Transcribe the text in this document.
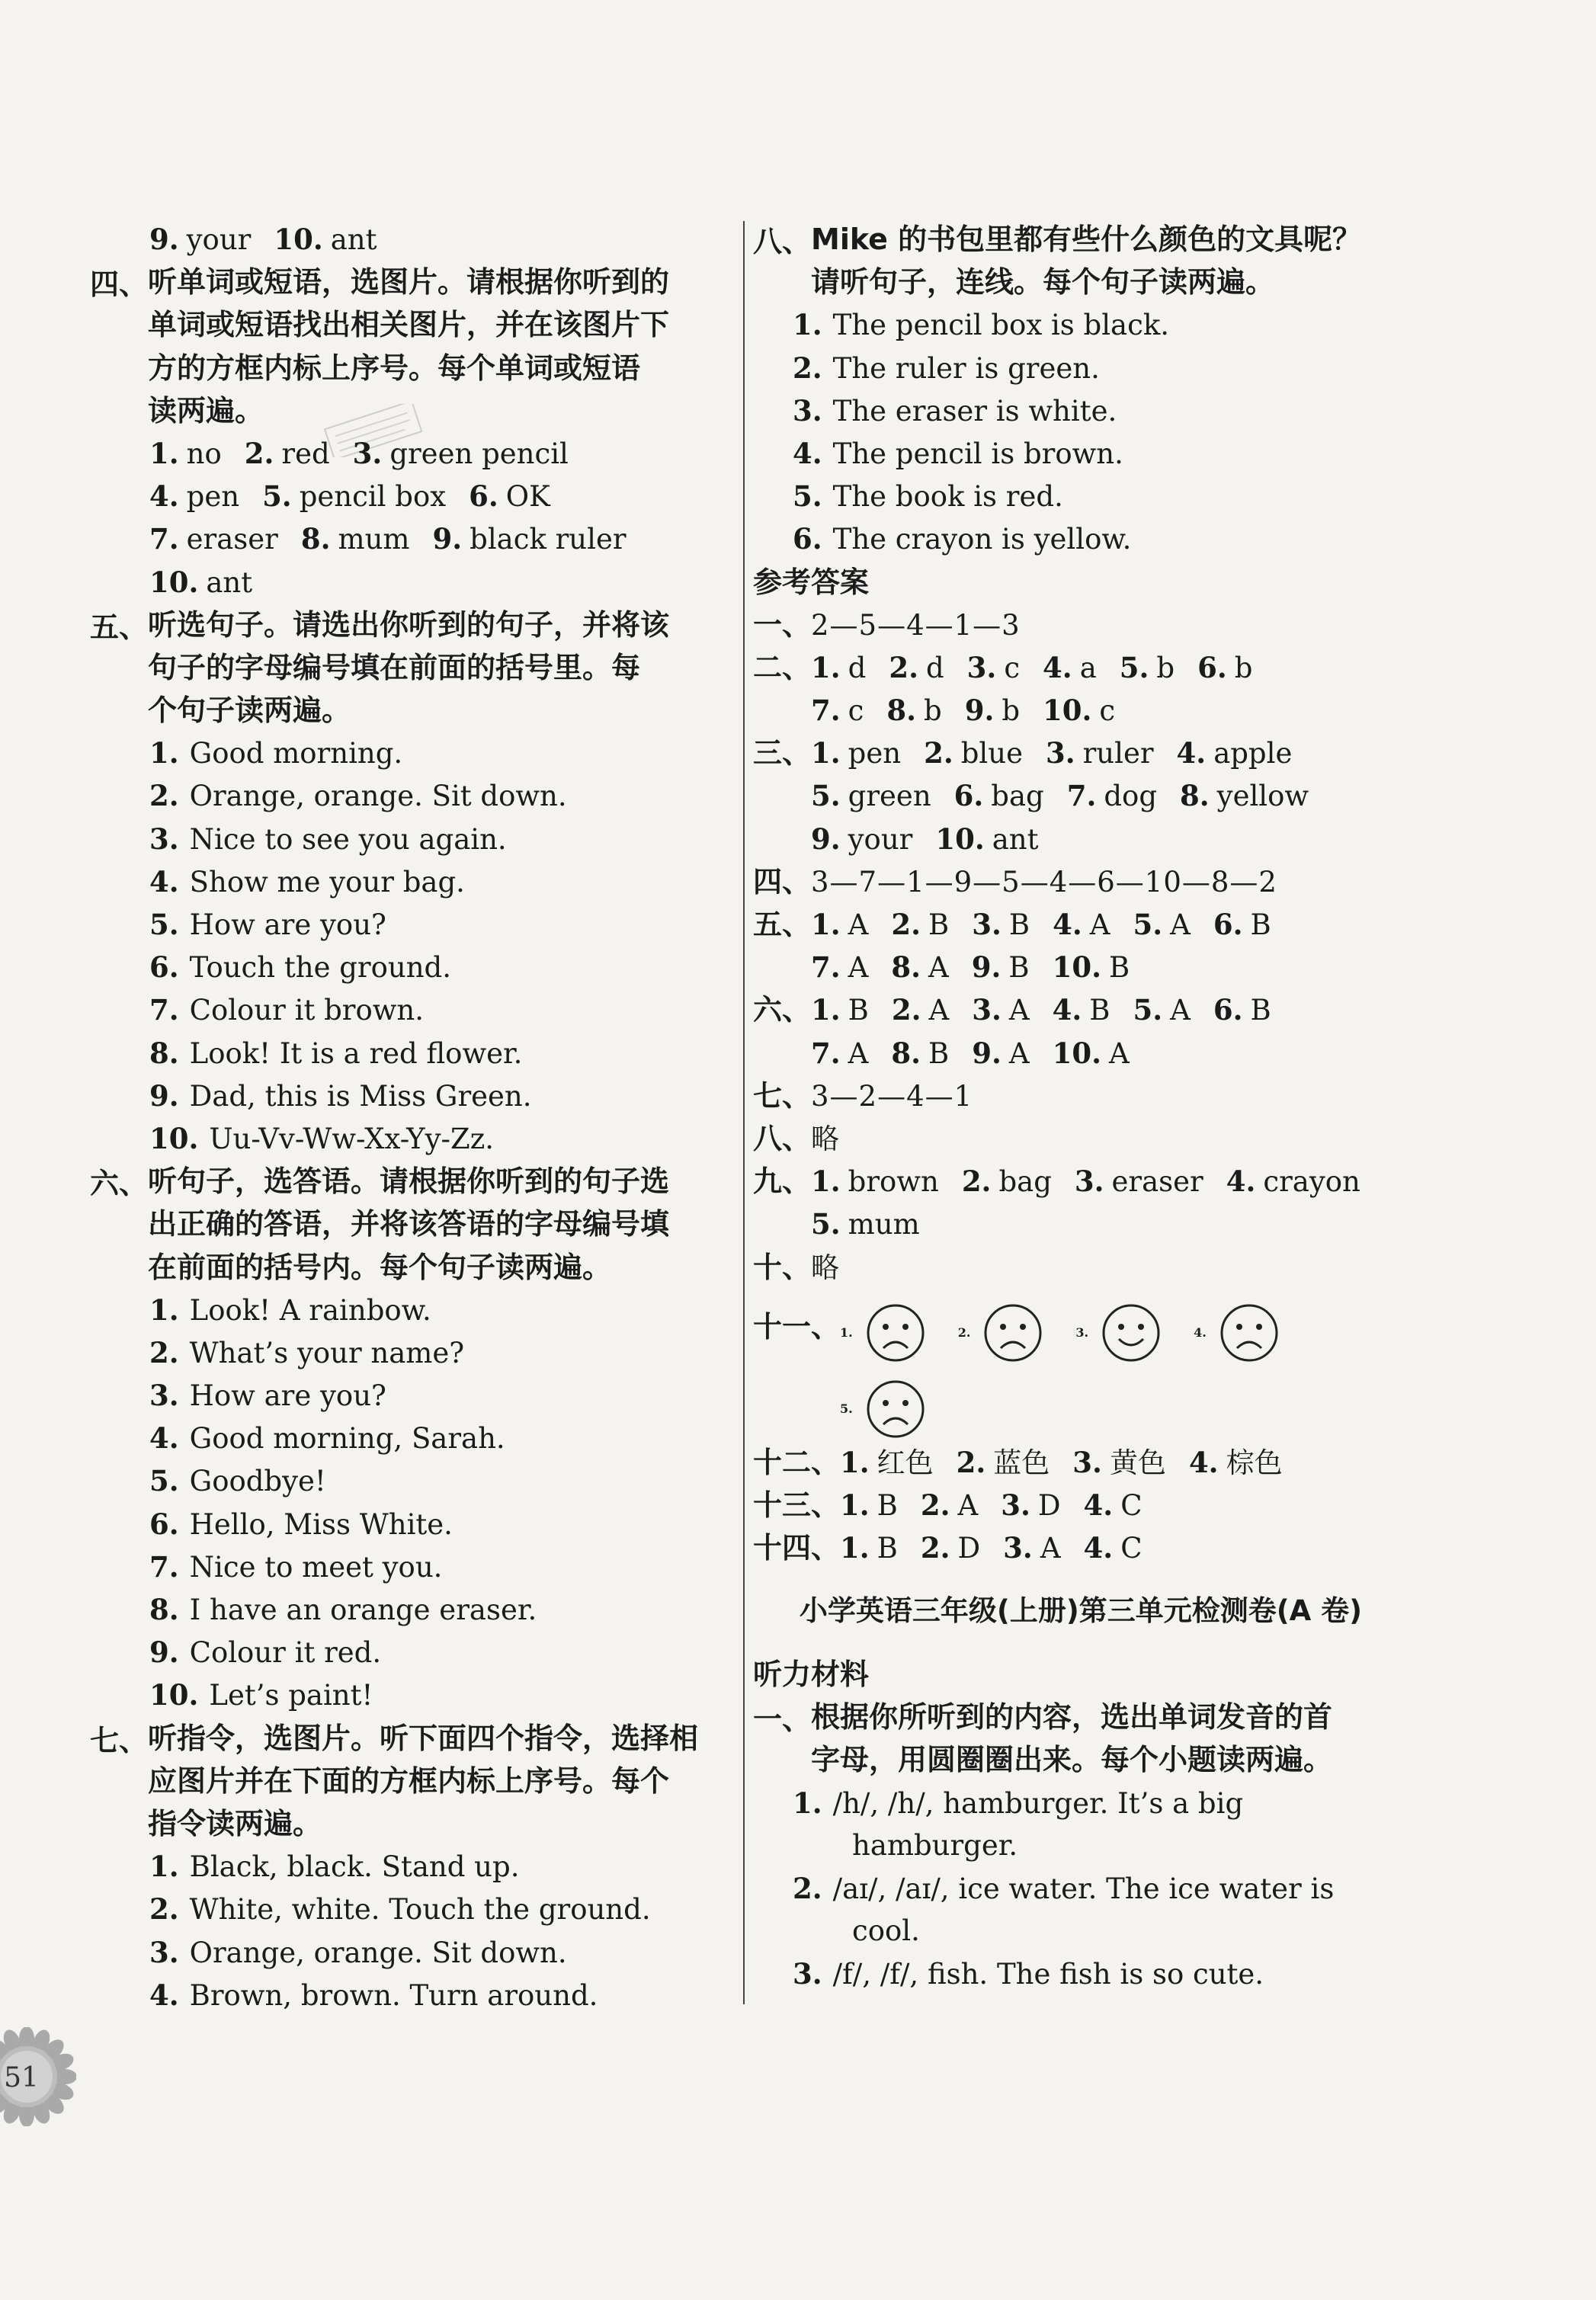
9. your 10. ant
四、 听单词或短语，选图片。请根据你听到的
单词或短语找出相关图片，并在该图片下
方的方框内标上序号。每个单词或短语
读两遍。
1. no 2. red 3. green pencil
4. pen 5. pencil box 6. OK
7. eraser 8. mum 9. black ruler
10. ant
五、 听选句子。请选出你听到的句子，并将该
句子的字母编号填在前面的括号里。每
个句子读两遍。
1. Good morning.
2. Orange, orange. Sit down.
3. Nice to see you again.
4. Show me your bag.
5. How are you?
6. Touch the ground.
7. Colour it brown.
8. Look! It is a red flower.
9. Dad, this is Miss Green.
10. Uu-Vv-Ww-Xx-Yy-Zz.
六、 听句子，选答语。请根据你听到的句子选
出正确的答语，并将该答语的字母编号填
在前面的括号内。每个句子读两遍。
1. Look! A rainbow.
2. What’s your name?
3. How are you?
4. Good morning, Sarah.
5. Goodbye!
6. Hello, Miss White.
7. Nice to meet you.
8. I have an orange eraser.
9. Colour it red.
10. Let’s paint!
七、 听指令，选图片。听下面四个指令，选择相
应图片并在下面的方框内标上序号。每个
指令读两遍。
1. Black, black. Stand up.
2. White, white. Touch the ground.
3. Orange, orange. Sit down.
4. Brown, brown. Turn around.
八、 Mike 的书包里都有些什么颜色的文具呢？
请听句子，连线。每个句子读两遍。
1. The pencil box is black.
2. The ruler is green.
3. The eraser is white.
4. The pencil is brown.
5. The book is red.
6. The crayon is yellow.
参考答案
一、2—5—4—1—3
二、1. d 2. d 3. c 4. a 5. b 6. b
7. c 8. b 9. b 10. c
三、1. pen 2. blue 3. ruler 4. apple
5. green 6. bag 7. dog 8. yellow
9. your 10. ant
四、3—7—1—9—5—4—6—10—8—2
五、1. A 2. B 3. B 4. A 5. A 6. B
7. A 8. A 9. B 10. B
六、1. B 2. A 3. A 4. B 5. A 6. B
7. A 8. B 9. A 10. A
七、3—2—4—1
八、略
九、1. brown 2. bag 3. eraser 4. crayon
5. mum
十、略
十一、1.	2.	3.	4.
5.
十二、1. 红色 2. 蓝色 3. 黄色 4. 棕色
十三、1. B 2. A 3. D 4. C
十四、1. B 2. D 3. A 4. C
小学英语三年级(上册)第三单元检测卷(A 卷)
听力材料
一、 根据你所听到的内容，选出单词发音的首
字母，用圆圈圈出来。每个小题读两遍。
1. /h/, /h/, hamburger. It’s a big
hamburger.
2. /aɪ/, /aɪ/, ice water. The ice water is
cool.
3. /f/, /f/, fish. The fish is so cute.
51
